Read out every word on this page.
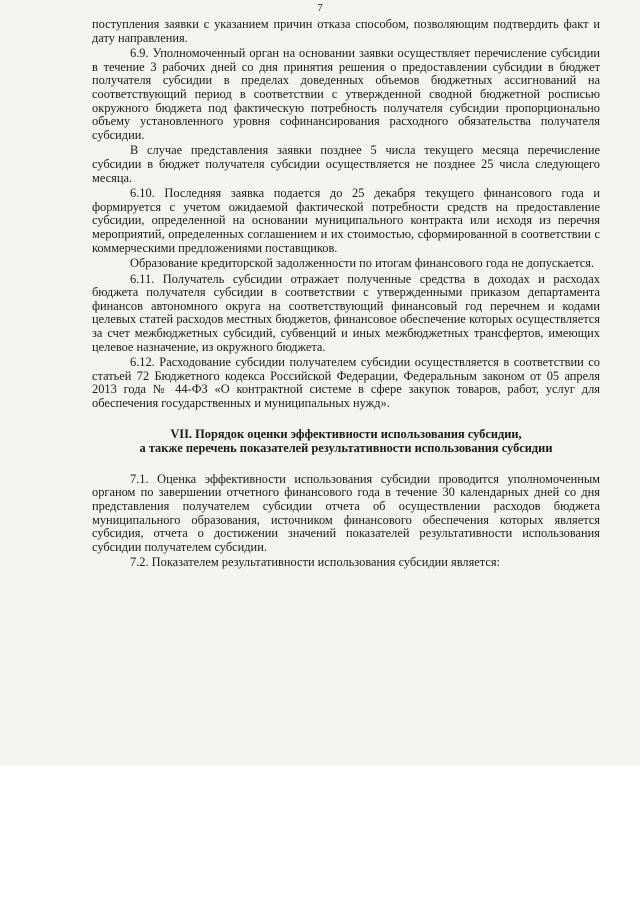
7

поступления заявки с указанием причин отказа способом, позволяющим подтвердить факт и дату направления.

6.9. Уполномоченный орган на основании заявки осуществляет перечисление субсидии в течение 3 рабочих дней со дня принятия решения о предоставлении субсидии в бюджет получателя субсидии в пределах доведенных объемов бюджетных ассигнований на соответствующий период в соответствии с утвержденной сводной бюджетной росписью окружного бюджета под фактическую потребность получателя субсидии пропорционально объему установленного уровня софинансирования расходного обязательства получателя субсидии.

В случае представления заявки позднее 5 числа текущего месяца перечисление субсидии в бюджет получателя субсидии осуществляется не позднее 25 числа следующего месяца.

6.10. Последняя заявка подается до 25 декабря текущего финансового года и формируется с учетом ожидаемой фактической потребности средств на предоставление субсидии, определенной на основании муниципального контракта или исходя из перечня мероприятий, определенных соглашением и их стоимостью, сформированной в соответствии с коммерческими предложениями поставщиков.

Образование кредиторской задолженности по итогам финансового года не допускается.

6.11. Получатель субсидии отражает полученные средства в доходах и расходах бюджета получателя субсидии в соответствии с утвержденными приказом департамента финансов автономного округа на соответствующий финансовый год перечнем и кодами целевых статей расходов местных бюджетов, финансовое обеспечение которых осуществляется за счет межбюджетных субсидий, субвенций и иных межбюджетных трансфертов, имеющих целевое назначение, из окружного бюджета.

6.12. Расходование субсидии получателем субсидии осуществляется в соответствии со статьей 72 Бюджетного кодекса Российской Федерации, Федеральным законом от 05 апреля 2013 года № 44-ФЗ «О контрактной системе в сфере закупок товаров, работ, услуг для обеспечения государственных и муниципальных нужд».

VII. Порядок оценки эффективности использования субсидии,
а также перечень показателей результативности использования субсидии

7.1. Оценка эффективности использования субсидии проводится уполномоченным органом по завершении отчетного финансового года в течение 30 календарных дней со дня представления получателем субсидии отчета об осуществлении расходов бюджета муниципального образования, источником финансового обеспечения которых является субсидия, отчета о достижении значений показателей результативности использования субсидии получателем субсидии.

7.2. Показателем результативности использования субсидии является:
